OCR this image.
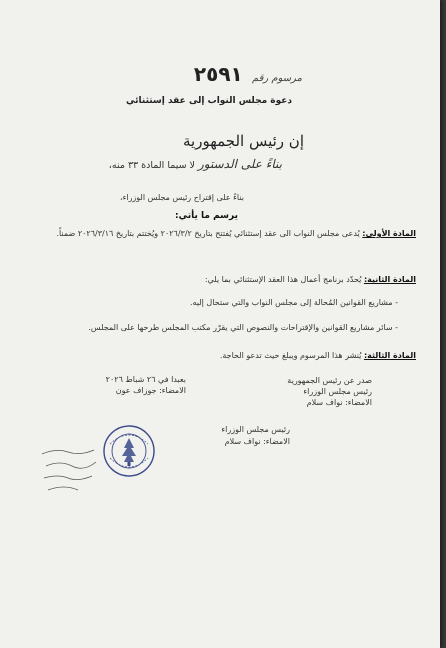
مرسوم رقم ٢٥٩١
دعوة مجلس النواب إلى عقد إستثنائي
إن رئيس الجمهورية
بناءً على الدستور لا سيما المادة ٣٣ منه،
بناءً على إقتراح رئيس مجلس الوزراء،
يرسم ما يأتي:
المادة الأولى: يُدعى مجلس النواب الى عقد إستثنائي يُفتتح بتاريخ ٢٠٢٦/٣/٢ ويُختتم بتاريخ ٢٠٢٦/٣/١٦ ضمناً.
المادة الثانية: يُحدّد برنامج أعمال هذا العقد الإستثنائي بما يلي:
- مشاريع القوانين المُحالة إلى مجلس النواب والتي ستحال إليه.
- سائر مشاريع القوانين والإقتراحات والنصوص التي يقرّر مكتب المجلس طرحها على المجلس.
المادة الثالثة: يُنشر هذا المرسوم ويبلغ حيث تدعو الحاجة.
بعبدا في ٢٦ شباط ٢٠٢٦
الامضاء: جوزاف عون
صدر عن رئيس الجمهورية
رئيس مجلس الوزراء
الامضاء: نواف سلام
رئيس مجلس الوزراء
الامضاء: نواف سلام
